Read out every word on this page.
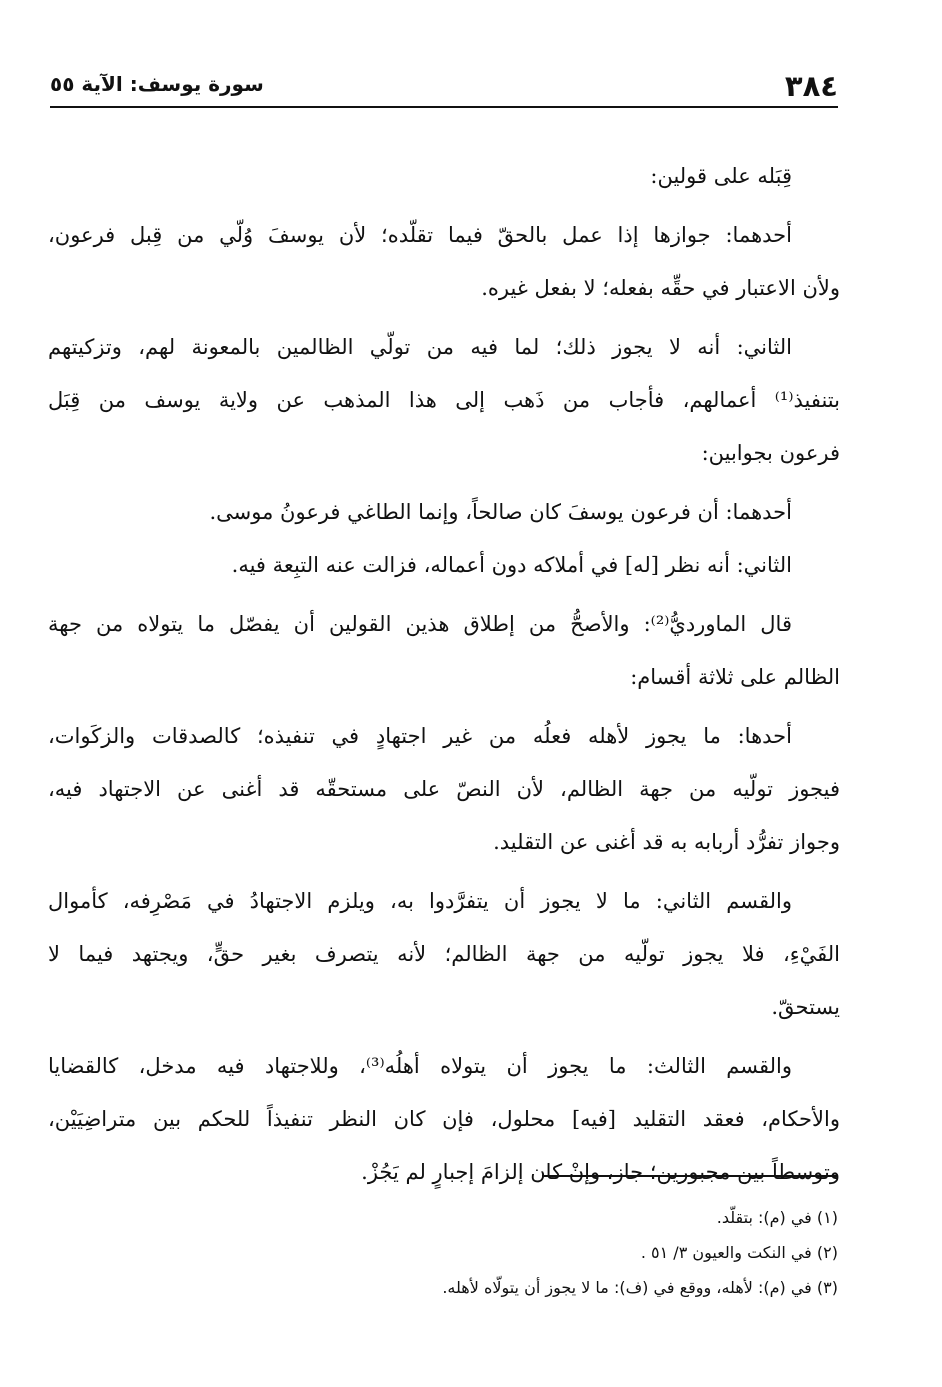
٣٨٤
سورة يوسف: الآية ٥٥
قِبَله على قولين:
أحدهما: جوازها إذا عمل بالحقّ فيما تقلّده؛ لأن يوسفَ وُلّي من قِبل فرعون،
ولأن الاعتبار في حقِّه بفعله؛ لا بفعل غيره.
الثاني: أنه لا يجوز ذلك؛ لما فيه من تولّي الظالمين بالمعونة لهم، وتزكيتهم
بتنفيذ⁽¹⁾ أعمالهم، فأجاب من ذَهب إلى هذا المذهب عن ولاية يوسف من قِبَل
فرعون بجوابين:
أحدهما: أن فرعون يوسفَ كان صالحاً، وإنما الطاغي فرعونُ موسى.
الثاني: أنه نظر [له] في أملاكه دون أعماله، فزالت عنه التبِعة فيه.
قال الماورديُّ⁽²⁾: والأصحُّ من إطلاق هذين القولين أن يفصّل ما يتولاه من جهة
الظالم على ثلاثة أقسام:
أحدها: ما يجوز لأهله فعلُه من غير اجتهادٍ في تنفيذه؛ كالصدقات والزكَوات،
فيجوز تولّيه من جهة الظالم، لأن النصّ على مستحقّه قد أغنى عن الاجتهاد فيه،
وجواز تفرُّد أربابه به قد أغنى عن التقليد.
والقسم الثاني: ما لا يجوز أن يتفرَّدوا به، ويلزم الاجتهادُ في مَصْرِفه، كأموال
الفَيْءِ، فلا يجوز تولّيه من جهة الظالم؛ لأنه يتصرف بغير حقٍّ، ويجتهد فيما لا
يستحقّ.
والقسم الثالث: ما يجوز أن يتولاه أهلُه⁽³⁾، وللاجتهاد فيه مدخل، كالقضايا
والأحكام، فعقد التقليد [فيه] محلول، فإن كان النظر تنفيذاً للحكم بين متراضِيَيْن،
وتوسطاً بين مجبورين؛ جاز، وإنْ كان إلزامَ إجبارٍ لم يَجُزْ.
(١) في (م): بتقلّد.
(٢) في النكت والعيون ٣/ ٥١ .
(٣) في (م): لأهله، ووقع في (ف): ما لا يجوز أن يتولّاه لأهله.
